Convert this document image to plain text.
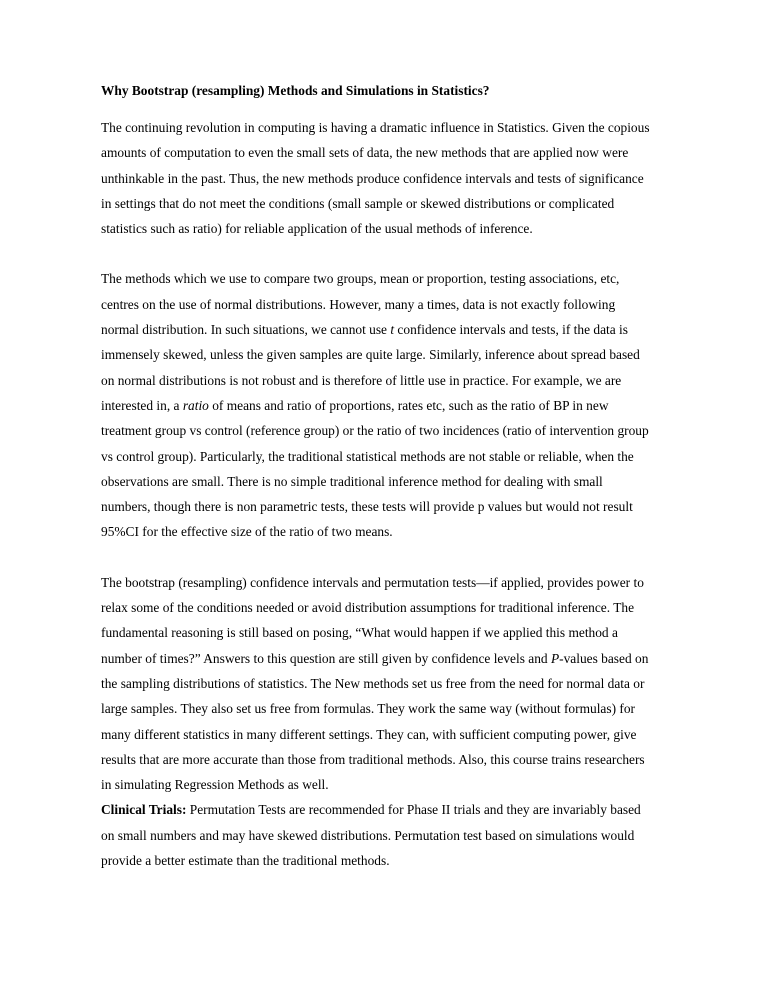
Why Bootstrap (resampling) Methods and Simulations in Statistics?

The continuing revolution in computing is having a dramatic influence in Statistics. Given the copious
amounts of computation to even the small sets of data, the new methods that are applied now were
unthinkable in the past. Thus, the new methods produce confidence intervals and tests of significance
in settings that do not meet the conditions (small sample or skewed distributions or complicated
statistics such as ratio) for reliable application of the usual methods of inference.

The methods which we use to compare two groups, mean or proportion, testing associations, etc,
centres on the use of normal distributions. However, many a times, data is not exactly following
normal distribution. In such situations, we cannot use t confidence intervals and tests, if the data is
immensely skewed, unless the given samples are quite large. Similarly, inference about spread based
on normal distributions is not robust and is therefore of little use in practice. For example, we are
interested in, a ratio of means and ratio of proportions, rates etc, such as the ratio of BP in new
treatment group vs control (reference group) or the ratio of two incidences (ratio of intervention group
vs control group). Particularly, the traditional statistical methods are not stable or reliable, when the
observations are small. There is no simple traditional inference method for dealing with small
numbers, though there is non parametric tests, these tests will provide p values but would not result
95%CI for the effective size of the ratio of two means.

The bootstrap (resampling) confidence intervals and permutation tests—if applied, provides power to
relax some of the conditions needed or avoid distribution assumptions for traditional inference. The
fundamental reasoning is still based on posing, “What would happen if we applied this method a
number of times?” Answers to this question are still given by confidence levels and P-values based on
the sampling distributions of statistics. The New methods set us free from the need for normal data or
large samples. They also set us free from formulas. They work the same way (without formulas) for
many different statistics in many different settings. They can, with sufficient computing power, give
results that are more accurate than those from traditional methods. Also, this course trains researchers
in simulating Regression Methods as well.

Clinical Trials: Permutation Tests are recommended for Phase II trials and they are invariably based
on small numbers and may have skewed distributions. Permutation test based on simulations would
provide a better estimate than the traditional methods.
